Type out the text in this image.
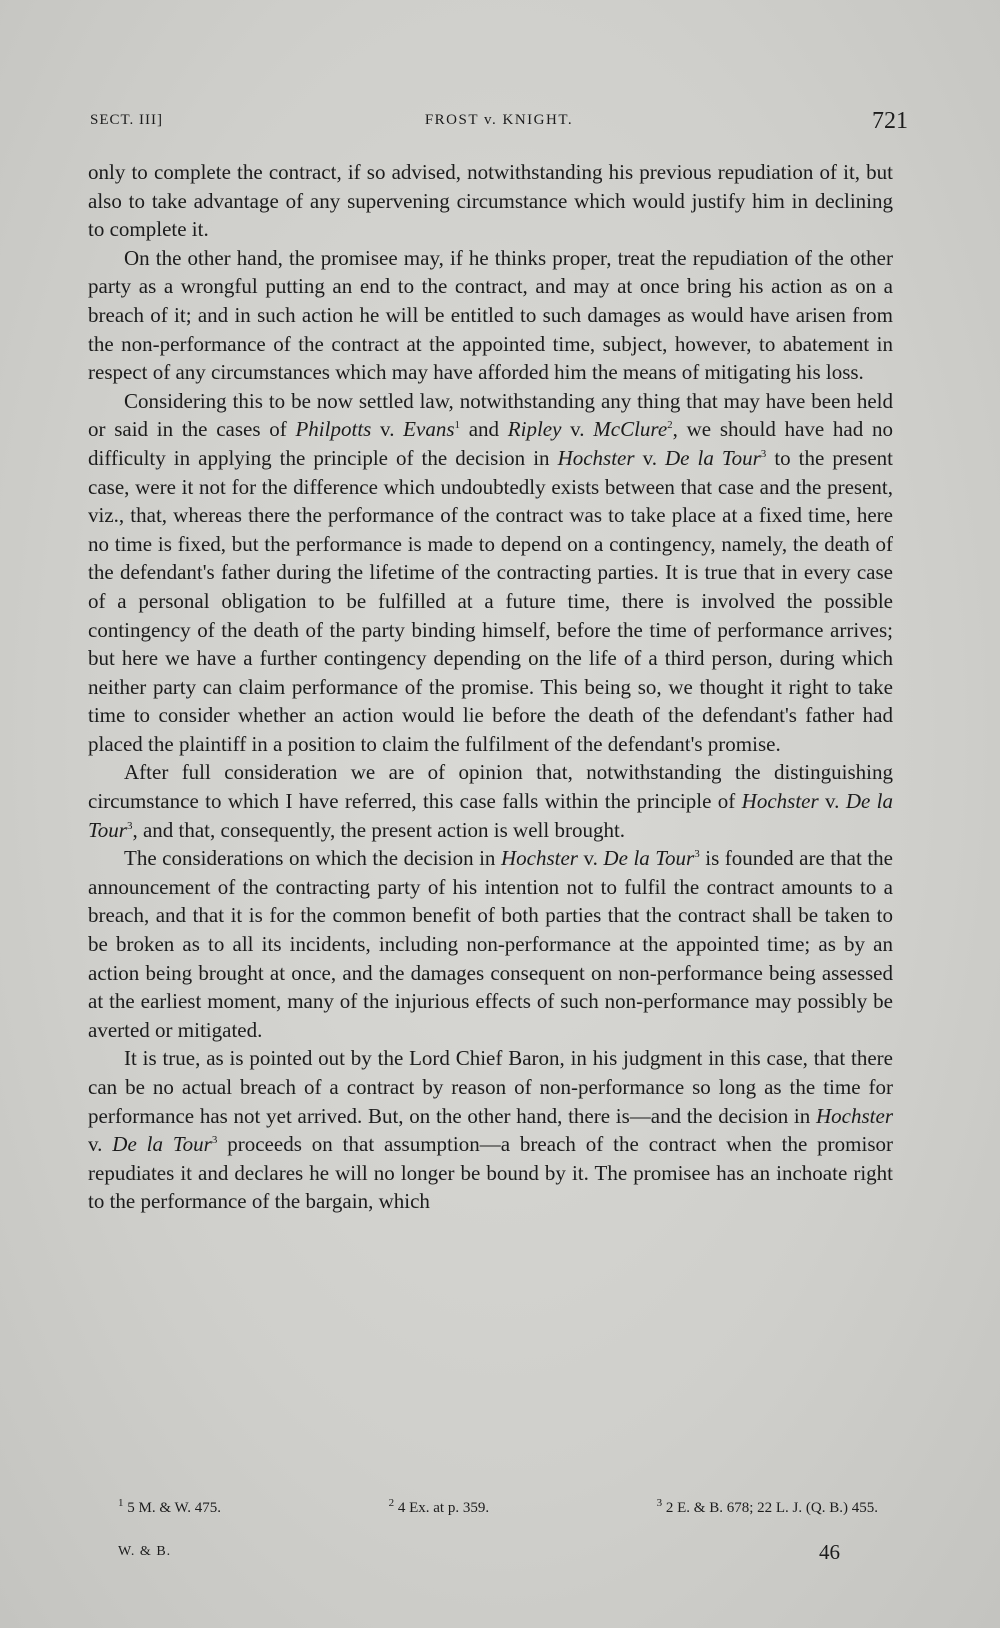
SECT. III]	FROST v. KNIGHT.	721

only to complete the contract, if so advised, notwithstanding his previous repudiation of it, but also to take advantage of any supervening circumstance which would justify him in declining to complete it.

On the other hand, the promisee may, if he thinks proper, treat the repudiation of the other party as a wrongful putting an end to the contract, and may at once bring his action as on a breach of it; and in such action he will be entitled to such damages as would have arisen from the non-performance of the contract at the appointed time, subject, however, to abatement in respect of any circumstances which may have afforded him the means of mitigating his loss.

Considering this to be now settled law, notwithstanding any thing that may have been held or said in the cases of Philpotts v. Evans$^1$ and Ripley v. McClure$^2$, we should have had no difficulty in applying the principle of the decision in Hochster v. De la Tour$^3$ to the present case, were it not for the difference which undoubtedly exists between that case and the present, viz., that, whereas there the performance of the contract was to take place at a fixed time, here no time is fixed, but the performance is made to depend on a contingency, namely, the death of the defendant's father during the lifetime of the contracting parties. It is true that in every case of a personal obligation to be fulfilled at a future time, there is involved the possible contingency of the death of the party binding himself, before the time of performance arrives; but here we have a further contingency depending on the life of a third person, during which neither party can claim performance of the promise. This being so, we thought it right to take time to consider whether an action would lie before the death of the defendant's father had placed the plaintiff in a position to claim the fulfilment of the defendant's promise.

After full consideration we are of opinion that, notwithstanding the distinguishing circumstance to which I have referred, this case falls within the principle of Hochster v. De la Tour$^3$, and that, consequently, the present action is well brought.

The considerations on which the decision in Hochster v. De la Tour$^3$ is founded are that the announcement of the contracting party of his intention not to fulfil the contract amounts to a breach, and that it is for the common benefit of both parties that the contract shall be taken to be broken as to all its incidents, including non-performance at the appointed time; as by an action being brought at once, and the damages consequent on non-performance being assessed at the earliest moment, many of the injurious effects of such non-performance may possibly be averted or mitigated.

It is true, as is pointed out by the Lord Chief Baron, in his judgment in this case, that there can be no actual breach of a contract by reason of non-performance so long as the time for performance has not yet arrived. But, on the other hand, there is—and the decision in Hochster v. De la Tour$^3$ proceeds on that assumption—a breach of the contract when the promisor repudiates it and declares he will no longer be bound by it. The promisee has an inchoate right to the performance of the bargain, which

$^1$ 5 M. & W. 475.	$^2$ 4 Ex. at p. 359.	$^3$ 2 E. & B. 678; 22 L. J. (Q. B.) 455.
W. & B.	46
